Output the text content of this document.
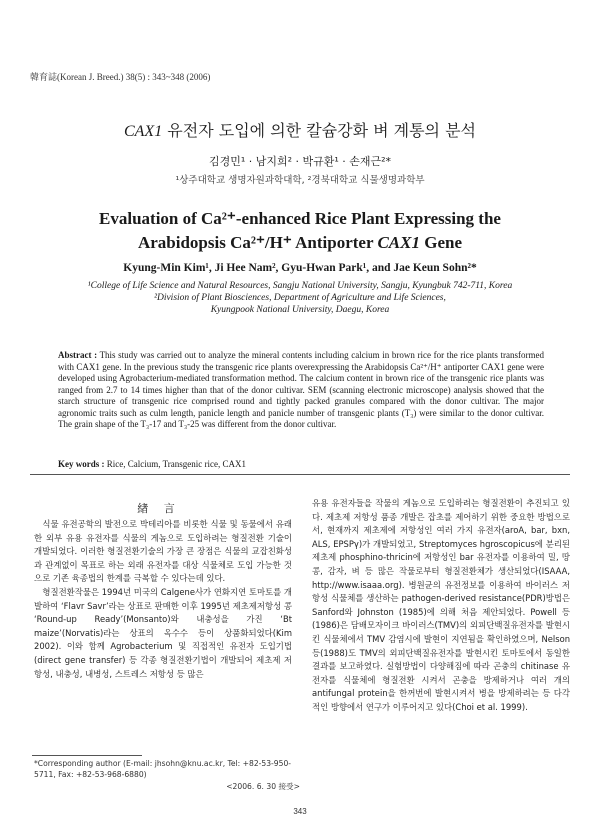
韓育誌(Korean J. Breed.) 38(5) : 343~348 (2006)
CAX1 유전자 도입에 의한 칼슘강화 벼 계통의 분석
김경민¹ · 남지희² · 박규환¹ · 손재근²*
¹상주대학교 생명자원과학대학, ²경북대학교 식물생명과학부
Evaluation of Ca²⁺-enhanced Rice Plant Expressing the
Arabidopsis Ca²⁺/H⁺ Antiporter CAX1 Gene
Kyung-Min Kim¹, Ji Hee Nam², Gyu-Hwan Park¹, and Jae Keun Sohn²*
¹College of Life Science and Natural Resources, Sangju National University, Sangju, Kyungbuk 742-711, Korea
²Division of Plant Biosciences, Department of Agriculture and Life Sciences,
Kyungpook National University, Daegu, Korea
Abstract : This study was carried out to analyze the mineral contents including calcium in brown rice for the rice plants transformed with CAX1 gene. In the previous study the transgenic rice plants overexpressing the Arabidopsis Ca²⁺/H⁺ antiporter CAX1 gene were developed using Agrobacterium-mediated transformation method. The calcium content in brown rice of the transgenic rice plants was ranged from 2.7 to 14 times higher than that of the donor cultivar. SEM (scanning electronic microscope) analysis showed that the starch structure of transgenic rice comprised round and tightly packed granules compared with the donor cultivar. The major agronomic traits such as culm length, panicle length and panicle number of transgenic plants (T₃) were similar to the donor cultivar. The grain shape of the T₃-17 and T₃-25 was different from the donor cultivar.
Key words : Rice, Calcium, Transgenic rice, CAX1
緖 言

식물 유전공학의 발전으로 박테리아를 비롯한 식물 및 동물에서 유래한 외부 유용 유전자를 식물의 게놈으로 도입하려는 형질전환 기술이 개발되었다. 이러한 형질전환기술의 가장 큰 장점은 식물의 교잡친화성과 관계없이 목표로 하는 외래 유전자를 대상 식물체로 도입 가능한 것으로 기존 육종법의 한계를 극복할 수 있다는데 있다.

형질전환작물은 1994년 미국의 Calgene사가 연화지연 토마토를 개발하여 ‘Flavr Savr’라는 상표로 판매한 이후 1995년 제초제저항성 콩 ‘Round-up Ready’(Monsanto)와 내충성을 가진 ‘Bt maize’(Norvatis)라는 상표의 옥수수 등이 상품화되었다(Kim 2002). 이와 함께 Agrobacterium 및 직접적인 유전자 도입기법(direct gene transfer) 등 각종 형질전환기법이 개발되어 제초제 저항성, 내충성, 내병성, 스트레스 저항성 등 많은

유용 유전자들을 작물의 게놈으로 도입하려는 형질전환이 추진되고 있다. 제초제 저항성 품종 개발은 잡초를 제어하기 위한 중요한 방법으로서, 현재까지 제초제에 저항성인 여러 가지 유전자(aroA, bar, bxn, ALS, EPSPγ)가 개발되었고, Streptomyces hgroscopicus에 분리된 제초제 phosphino-thricin에 저항성인 bar 유전자를 이용하여 밀, 땅콩, 감자, 벼 등 많은 작물로부터 형질전환체가 생산되었다(ISAAA, http://www.isaaa.org). 병원균의 유전정보를 이용하여 바이러스 저항성 식물체를 생산하는 pathogen-derived resistance(PDR)방법은 Sanford와 Johnston (1985)에 의해 처음 제안되었다. Powell 등(1986)은 담배모자이크 바이러스(TMV)의 외피단백질유전자를 발현시킨 식물체에서 TMV 감염시에 발현이 지연됨을 확인하였으며, Nelson 등(1988)도 TMV의 외피단백질유전자를 발현시킨 토마토에서 동일한 결과를 보고하였다. 실험방법이 다양해짐에 따라 곤충의 chitinase 유전자를 식물체에 형질전환 시켜서 곤충을 방제하거나 여러 개의 antifungal protein을 한꺼번에 발현시켜서 병을 방제하려는 등 다각적인 방향에서 연구가 이루어지고 있다(Choi et al. 1999).

*Corresponding author (E-mail: jhsohn@knu.ac.kr, Tel: +82-53-950-5711, Fax: +82-53-968-6880)
<2006. 6. 30 接受>
343
